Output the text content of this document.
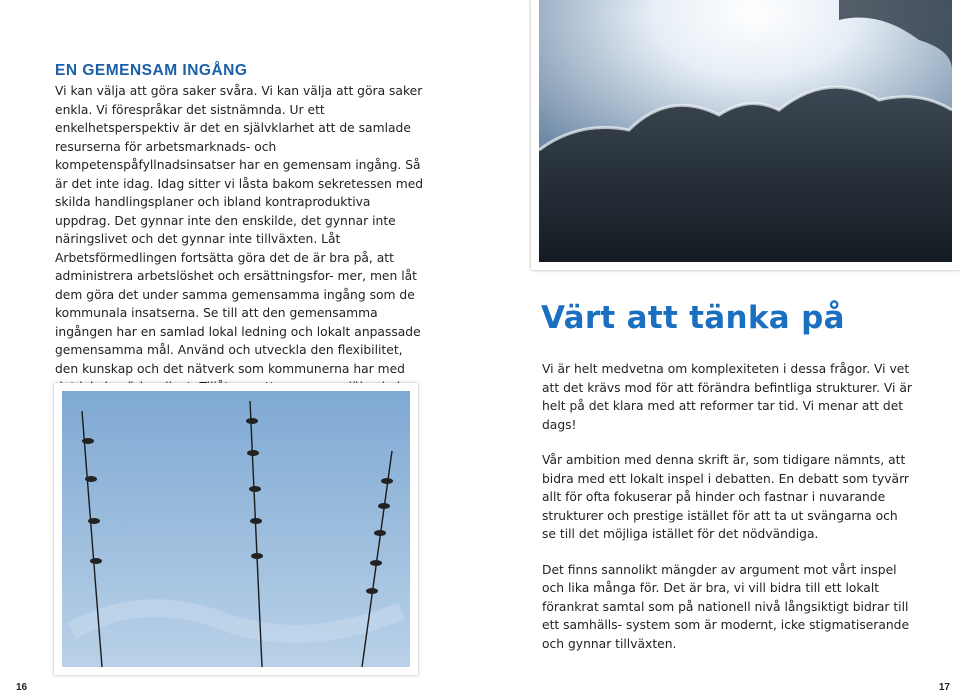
EN GEMENSAM INGÅNG

Vi kan välja att göra saker svåra. Vi kan välja att göra saker enkla. Vi förespråkar det sistnämnda. Ur ett enkelhetsperspektiv är det en självklarhet att de samlade resurserna för arbetsmarknads- och kompetenspåfyllnadsinsatser har en gemensam ingång. Så är det inte idag. Idag sitter vi låsta bakom sekretessen med skilda handlingsplaner och ibland kontraproduktiva uppdrag. Det gynnar inte den enskilde, det gynnar inte näringslivet och det gynnar inte tillväxten. Låt Arbetsförmedlingen fortsätta göra det de är bra på, att administrera arbetslöshet och ersättningsfor- mer, men låt dem göra det under samma gemensamma ingång som de kommunala insatserna. Se till att den gemensamma ingången har en samlad lokal ledning och lokalt anpassade gemensamma mål. Använd och utveckla den flexibilitet, den kunskap och det nätverk som kommunerna har med

Värt att tänka på

Vi är helt medvetna om komplexiteten i dessa frågor. Vi vet att det krävs mod för att förändra befintliga strukturer. Vi är helt på det klara med att reformer tar tid. Vi menar att det dags!

Vår ambition med denna skrift är, som tidigare nämnts, att bidra med ett lokalt inspel i debatten. En debatt som tyvärr allt för ofta fokuserar på hinder och fastnar i nuvarande strukturer och prestige istället för att ta ut svängarna och se till det möjliga istället för det nödvändiga.

Det finns sannolikt mängder av argument mot vårt inspel och lika många för. Det är bra, vi vill bidra till ett lokalt förankrat samtal som på nationell nivå långsiktigt bidrar till ett samhälls- system som är modernt, icke stigmatiserande och gynnar tillväxten.

16	17
